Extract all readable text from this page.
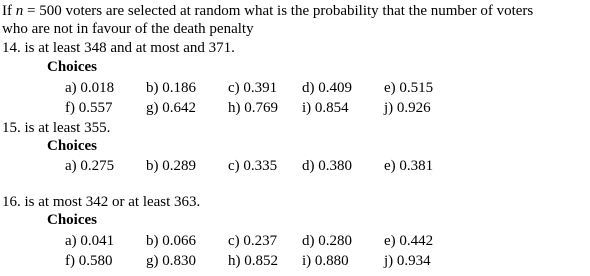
If n = 500 voters are selected at random what is the probability that the number of voters
who are not in favour of the death penalty
14. is at least 348 and at most and 371.
Choices
a) 0.018 b) 0.186 c) 0.391 d) 0.409 e) 0.515
f) 0.557 g) 0.642 h) 0.769 i) 0.854 j) 0.926
15. is at least 355.
Choices
a) 0.275 b) 0.289 c) 0.335 d) 0.380 e) 0.381
16. is at most 342 or at least 363.
Choices
a) 0.041 b) 0.066 c) 0.237 d) 0.280 e) 0.442
f) 0.580 g) 0.830 h) 0.852 i) 0.880 j) 0.934
